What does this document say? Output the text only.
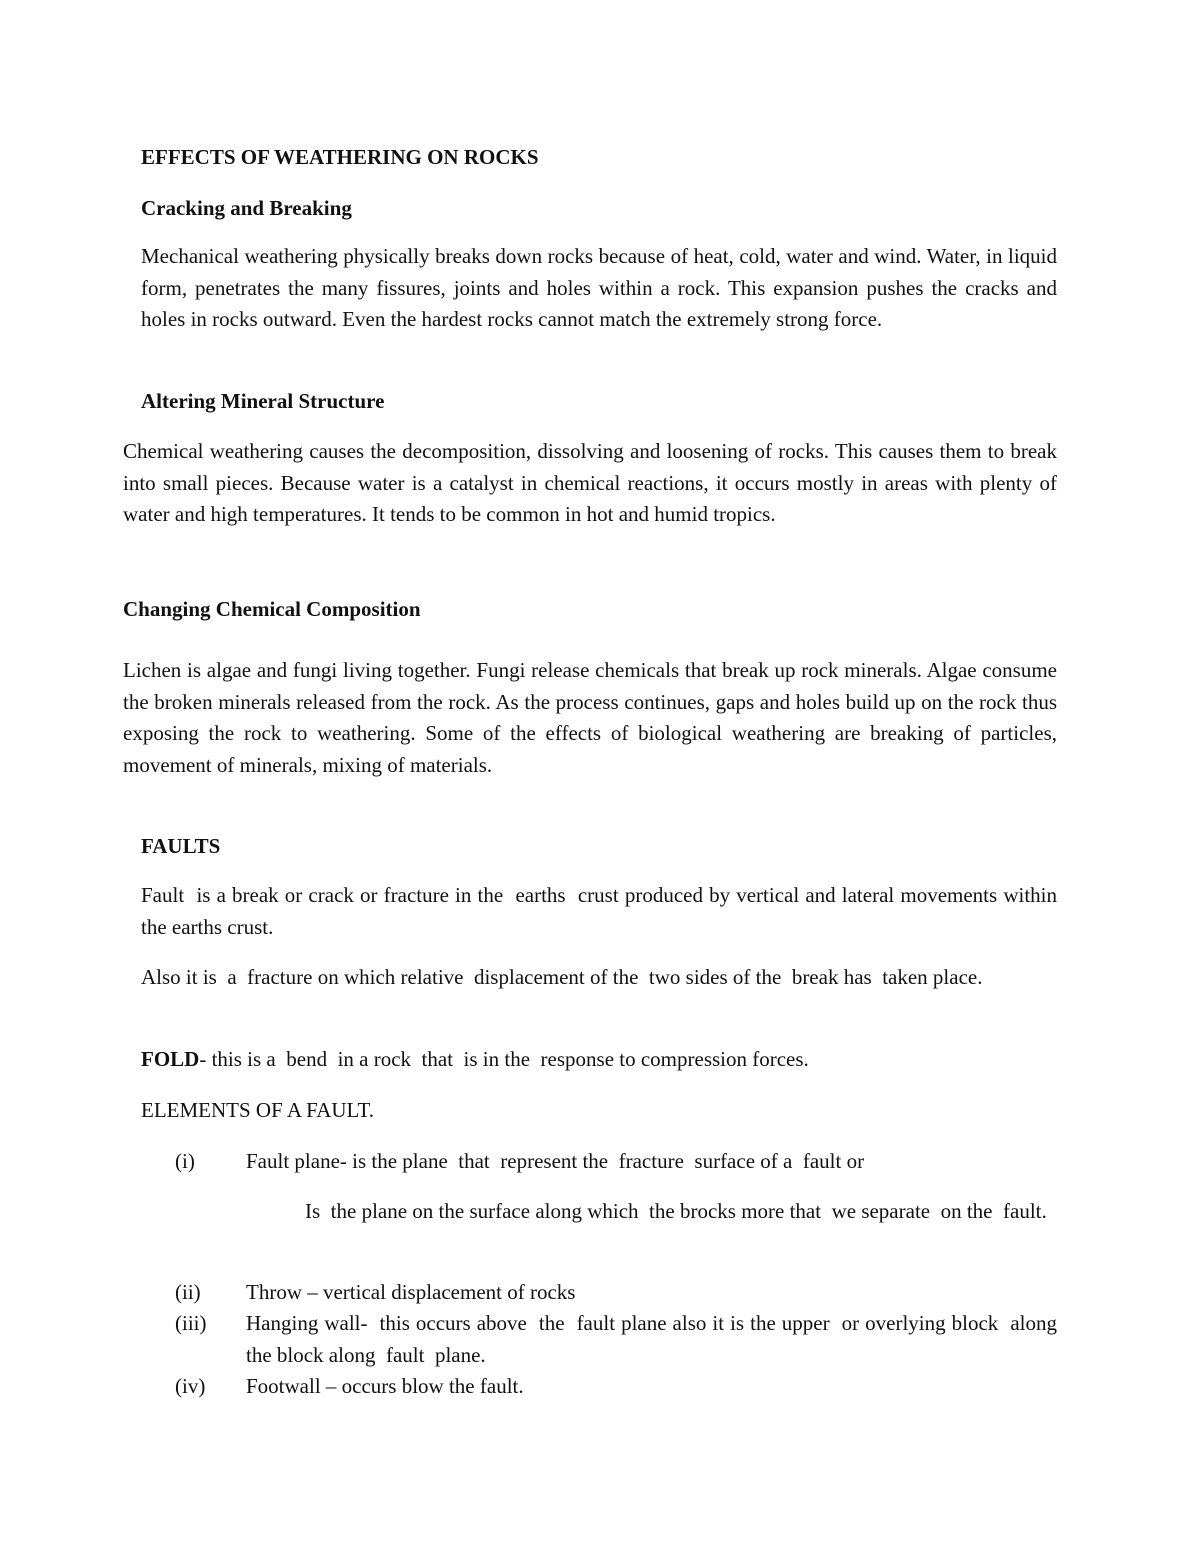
EFFECTS OF WEATHERING ON ROCKS

Cracking and Breaking

Mechanical weathering physically breaks down rocks because of heat, cold, water and wind. Water, in liquid form, penetrates the many fissures, joints and holes within a rock. This expansion pushes the cracks and holes in rocks outward. Even the hardest rocks cannot match the extremely strong force.

Altering Mineral Structure

Chemical weathering causes the decomposition, dissolving and loosening of rocks. This causes them to break into small pieces. Because water is a catalyst in chemical reactions, it occurs mostly in areas with plenty of water and high temperatures. It tends to be common in hot and humid tropics.

Changing Chemical Composition

Lichen is algae and fungi living together. Fungi release chemicals that break up rock minerals. Algae consume the broken minerals released from the rock. As the process continues, gaps and holes build up on the rock thus exposing the rock to weathering. Some of the effects of biological weathering are breaking of particles, movement of minerals, mixing of materials.

FAULTS

Fault  is a break or crack or fracture in the  earths  crust produced by vertical and lateral movements within the earths crust.

Also it is  a  fracture on which relative  displacement of the  two sides of the  break has  taken place.

FOLD- this is a  bend  in a rock  that  is in the  response to compression forces.

ELEMENTS OF A FAULT.

(i) Fault plane- is the plane  that  represent the  fracture  surface of a  fault or

Is  the plane on the surface along which  the brocks more that  we separate  on the  fault.

(ii) Throw – vertical displacement of rocks
(iii) Hanging wall-  this occurs above  the  fault plane also it is the upper  or overlying block  along the block along  fault  plane.
(iv) Footwall – occurs blow the fault.
